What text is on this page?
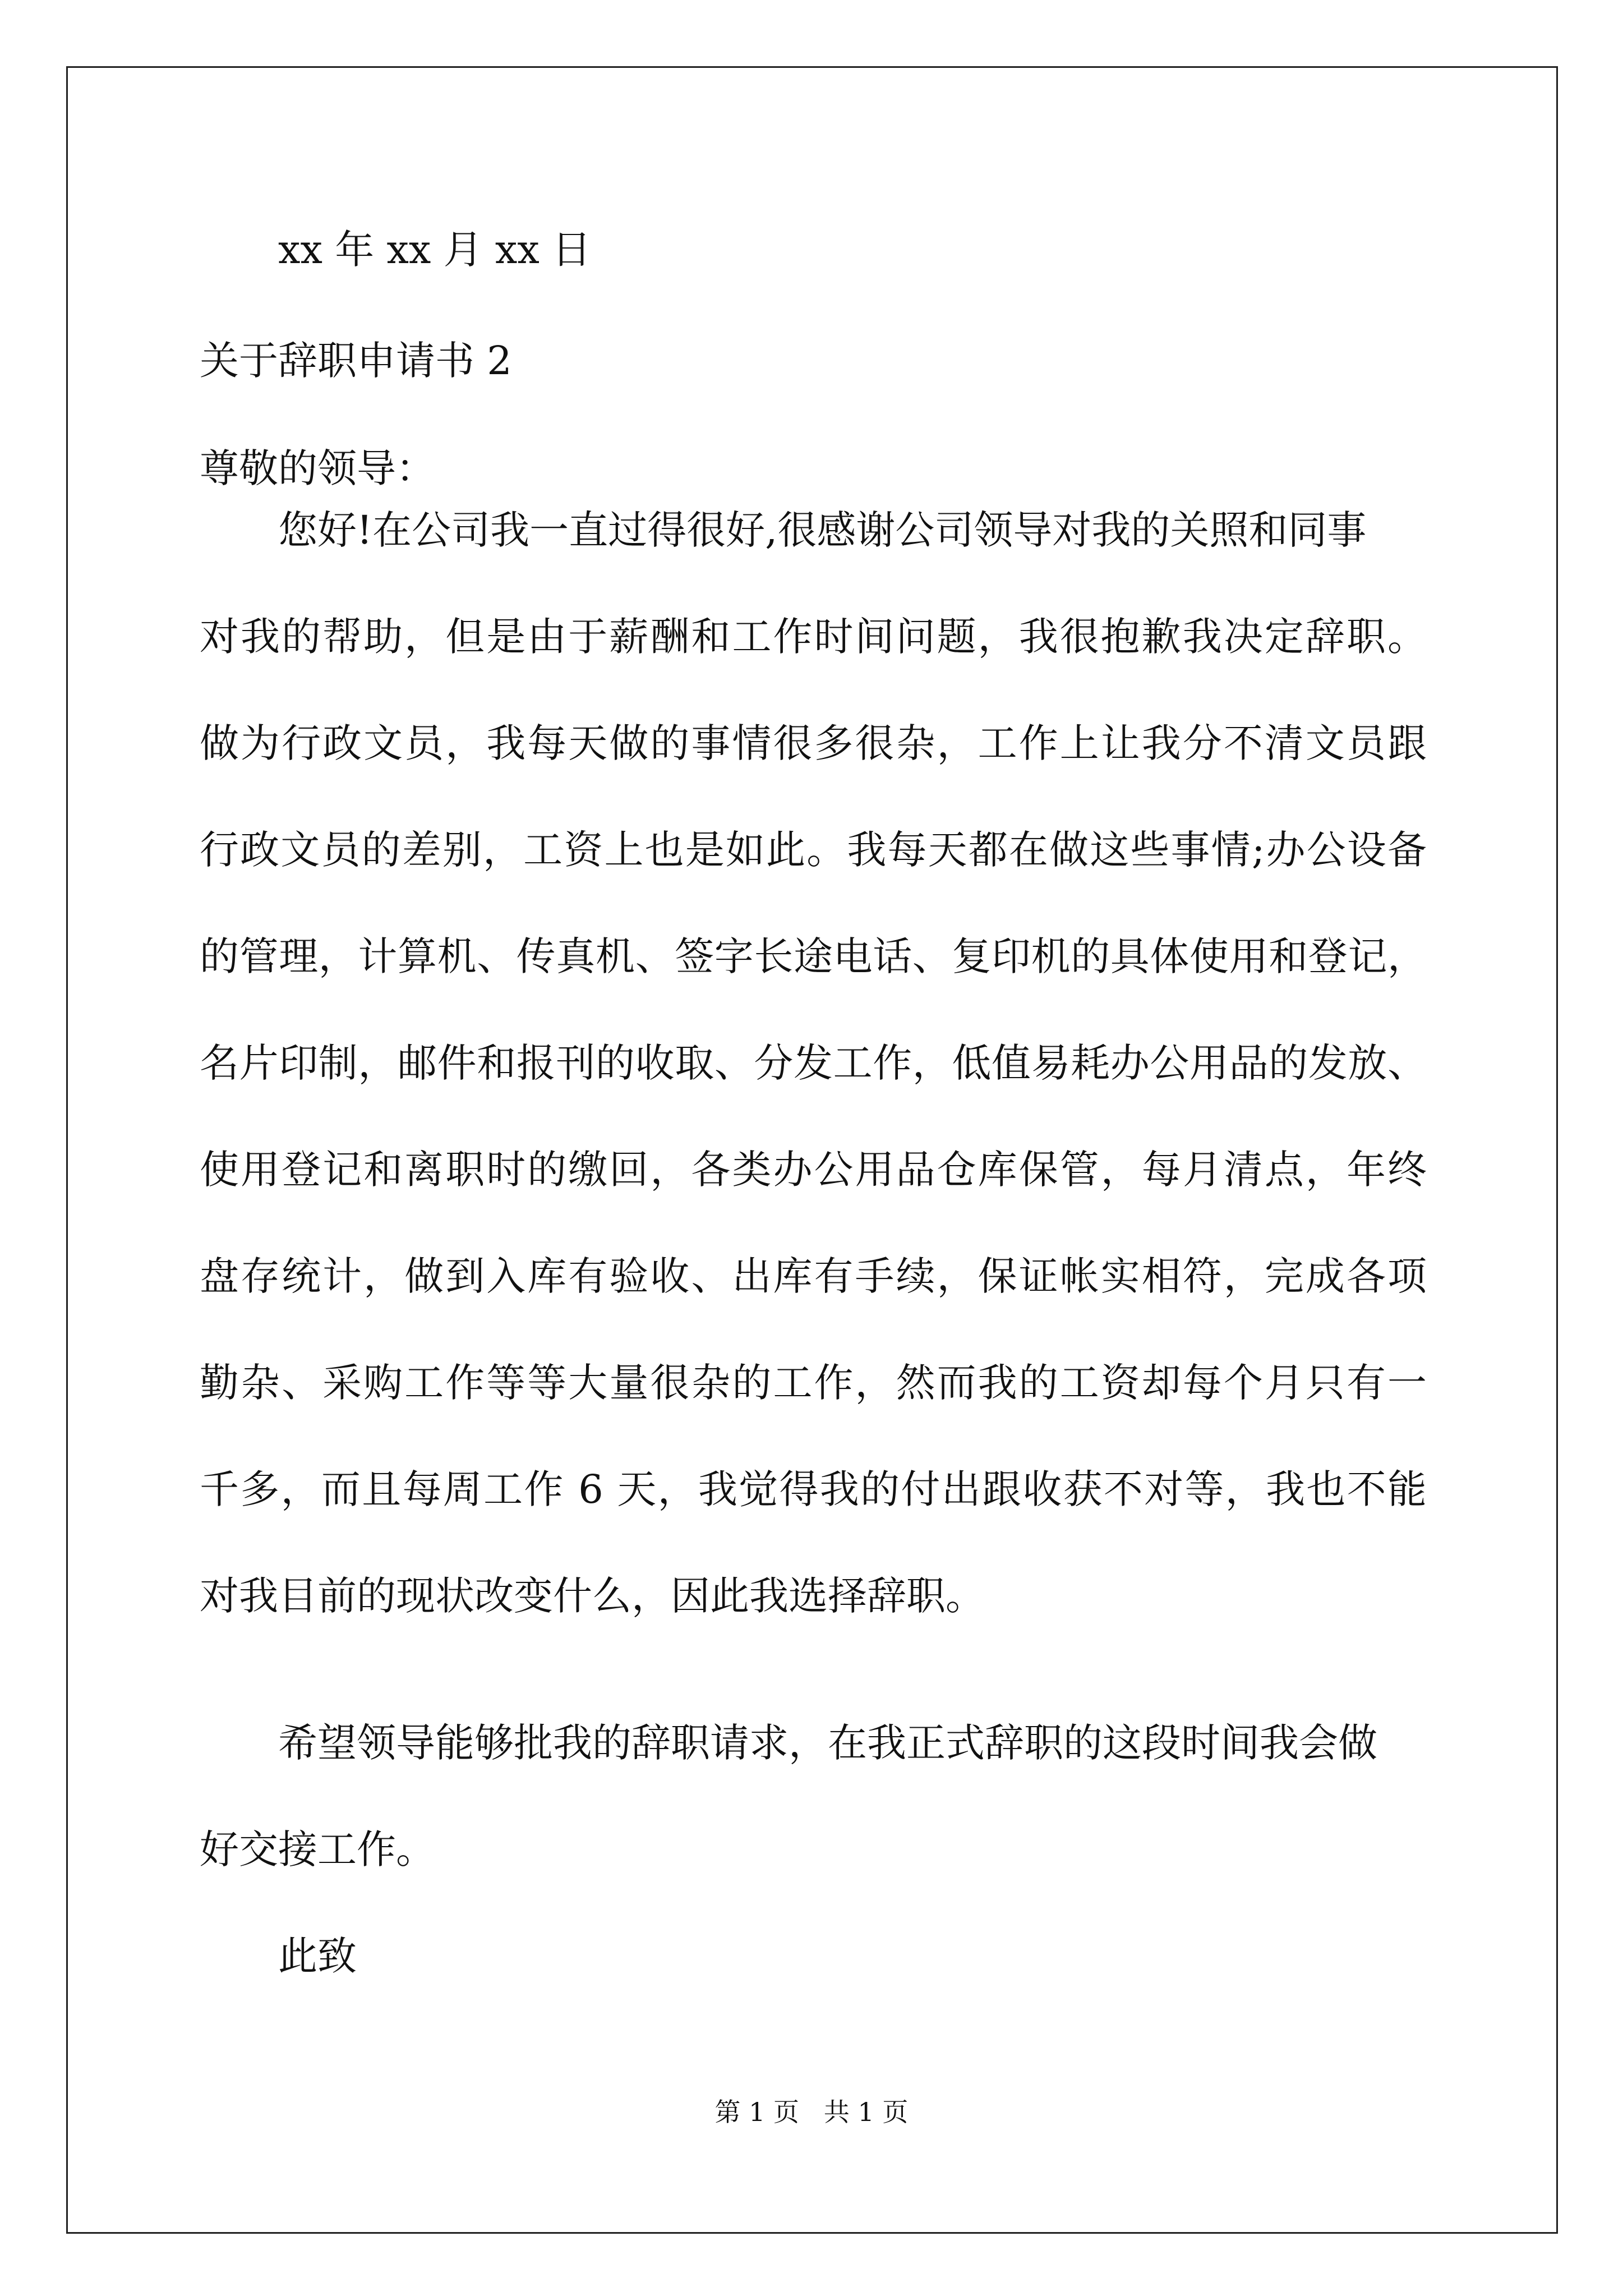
xx 年 xx 月 xx 日
关于辞职申请书 2
尊敬的领导：
您好!在公司我一直过得很好,很感谢公司领导对我的关照和同事
对我的帮助，但是由于薪酬和工作时间问题，我很抱歉我决定辞职。
做为行政文员，我每天做的事情很多很杂，工作上让我分不清文员跟
行政文员的差别，工资上也是如此。我每天都在做这些事情;办公设备
的管理，计算机、传真机、签字长途电话、复印机的具体使用和登记，
名片印制，邮件和报刊的收取、分发工作，低值易耗办公用品的发放、
使用登记和离职时的缴回，各类办公用品仓库保管，每月清点，年终
盘存统计，做到入库有验收、出库有手续，保证帐实相符，完成各项
勤杂、采购工作等等大量很杂的工作，然而我的工资却每个月只有一
千多，而且每周工作 6 天，我觉得我的付出跟收获不对等，我也不能
对我目前的现状改变什么，因此我选择辞职。
希望领导能够批我的辞职请求，在我正式辞职的这段时间我会做
好交接工作。
此致
第 1 页   共 1 页
